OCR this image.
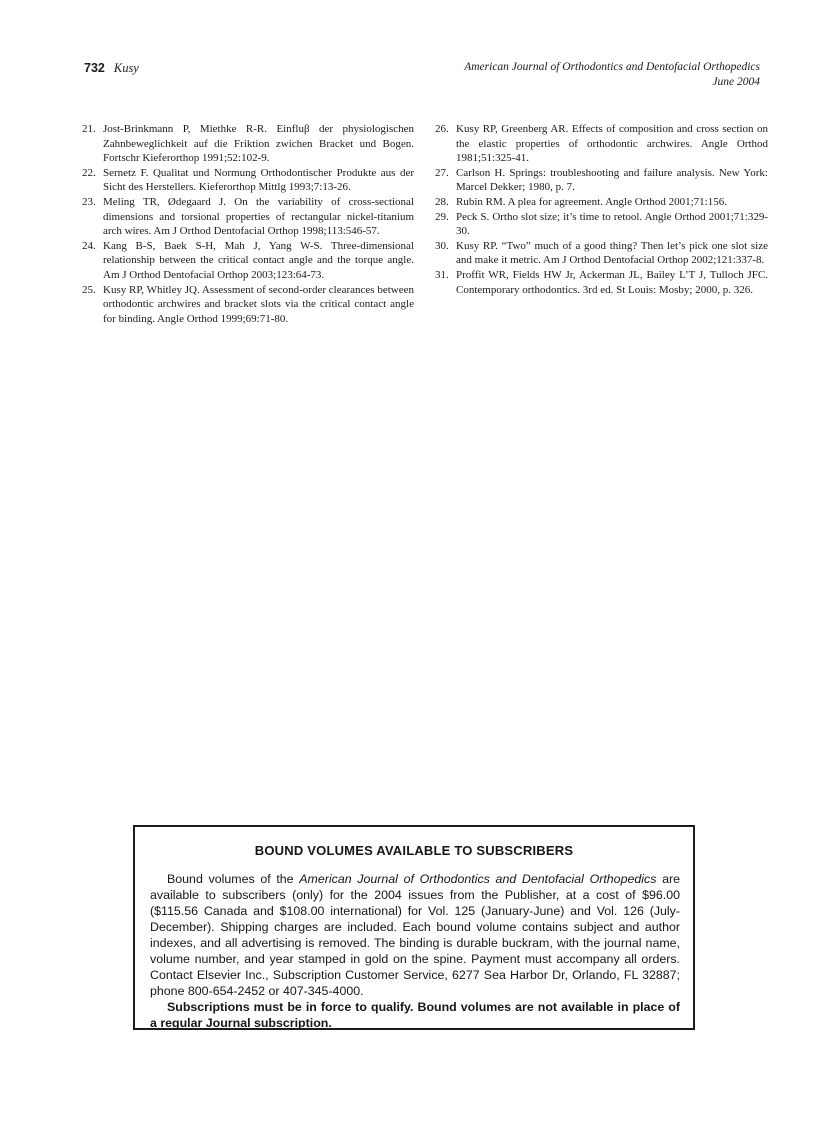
732 Kusy	American Journal of Orthodontics and Dentofacial Orthopedics
June 2004
21. Jost-Brinkmann P, Miethke R-R. Einfluβ der physiologischen Zahnbeweglichkeit auf die Friktion zwichen Bracket und Bogen. Fortschr Kieferorthop 1991;52:102-9.
22. Sernetz F. Qualitat und Normung Orthodontischer Produkte aus der Sicht des Herstellers. Kieferorthop Mittlg 1993;7:13-26.
23. Meling TR, Ødegaard J. On the variability of cross-sectional dimensions and torsional properties of rectangular nickel-titanium arch wires. Am J Orthod Dentofacial Orthop 1998;113:546-57.
24. Kang B-S, Baek S-H, Mah J, Yang W-S. Three-dimensional relationship between the critical contact angle and the torque angle. Am J Orthod Dentofacial Orthop 2003;123:64-73.
25. Kusy RP, Whitley JQ. Assessment of second-order clearances between orthodontic archwires and bracket slots via the critical contact angle for binding. Angle Orthod 1999;69:71-80.
26. Kusy RP, Greenberg AR. Effects of composition and cross section on the elastic properties of orthodontic archwires. Angle Orthod 1981;51:325-41.
27. Carlson H. Springs: troubleshooting and failure analysis. New York: Marcel Dekker; 1980, p. 7.
28. Rubin RM. A plea for agreement. Angle Orthod 2001;71:156.
29. Peck S. Ortho slot size; it’s time to retool. Angle Orthod 2001;71:329-30.
30. Kusy RP. “Two” much of a good thing? Then let’s pick one slot size and make it metric. Am J Orthod Dentofacial Orthop 2002;121:337-8.
31. Proffit WR, Fields HW Jr, Ackerman JL, Bailey L’T J, Tulloch JFC. Contemporary orthodontics. 3rd ed. St Louis: Mosby; 2000, p. 326.
BOUND VOLUMES AVAILABLE TO SUBSCRIBERS

Bound volumes of the American Journal of Orthodontics and Dentofacial Orthopedics are available to subscribers (only) for the 2004 issues from the Publisher, at a cost of $96.00 ($115.56 Canada and $108.00 international) for Vol. 125 (January-June) and Vol. 126 (July-December). Shipping charges are included. Each bound volume contains subject and author indexes, and all advertising is removed. The binding is durable buckram, with the journal name, volume number, and year stamped in gold on the spine. Payment must accompany all orders. Contact Elsevier Inc., Subscription Customer Service, 6277 Sea Harbor Dr, Orlando, FL 32887; phone 800-654-2452 or 407-345-4000.

Subscriptions must be in force to qualify. Bound volumes are not available in place of a regular Journal subscription.
